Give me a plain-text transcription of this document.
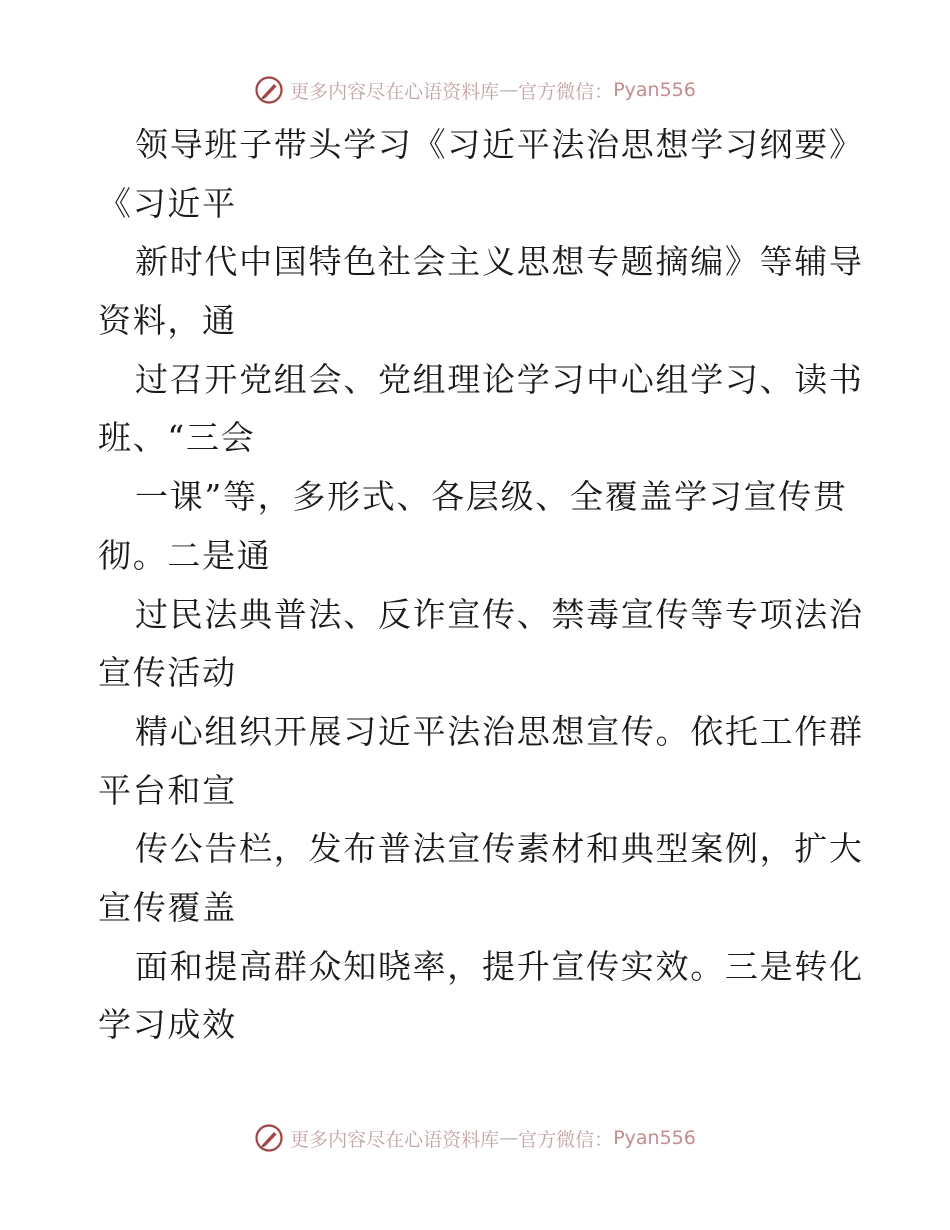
更多内容尽在心语资料库 — 官方微信： Pyan556
领导班子带头学习《习近平法治思想学习纲要》
《习近平
新时代中国特色社会主义思想专题摘编》等辅导
资料，通
过召开党组会、党组理论学习中心组学习、读书
班、“三会
一课”等，多形式、各层级、全覆盖学习宣传贯
彻。二是通
过民法典普法、反诈宣传、禁毒宣传等专项法治
宣传活动
精心组织开展习近平法治思想宣传。依托工作群
平台和宣
传公告栏，发布普法宣传素材和典型案例，扩大
宣传覆盖
面和提高群众知晓率，提升宣传实效。三是转化
学习成效
更多内容尽在心语资料库 — 官方微信： Pyan556
